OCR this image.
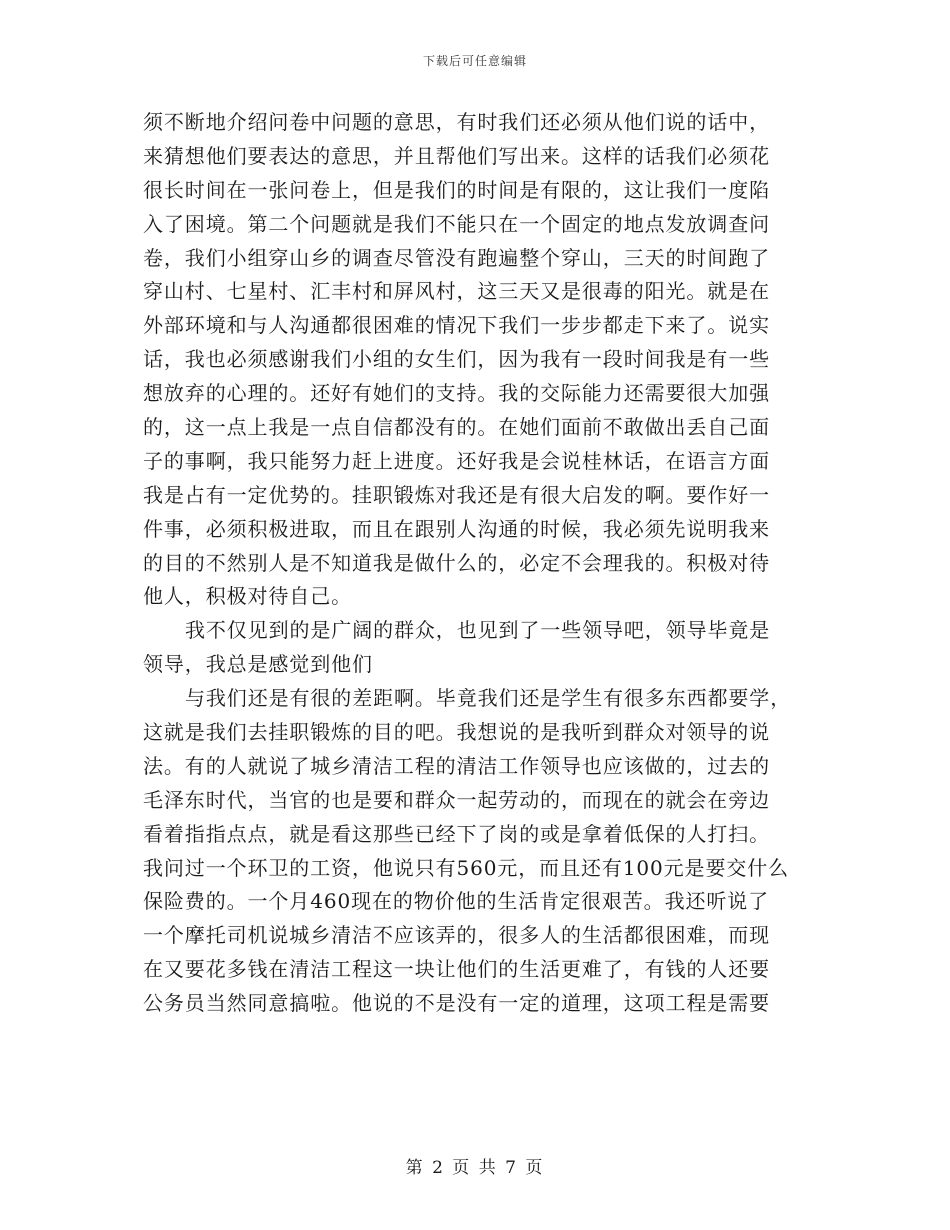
下载后可任意编辑
须不断地介绍问卷中问题的意思，有时我们还必须从他们说的话中，
来猜想他们要表达的意思，并且帮他们写出来。这样的话我们必须花
很长时间在一张问卷上，但是我们的时间是有限的，这让我们一度陷
入了困境。第二个问题就是我们不能只在一个固定的地点发放调查问
卷，我们小组穿山乡的调查尽管没有跑遍整个穿山，三天的时间跑了
穿山村、七星村、汇丰村和屏风村，这三天又是很毒的阳光。就是在
外部环境和与人沟通都很困难的情况下我们一步步都走下来了。说实
话，我也必须感谢我们小组的女生们，因为我有一段时间我是有一些
想放弃的心理的。还好有她们的支持。我的交际能力还需要很大加强
的，这一点上我是一点自信都没有的。在她们面前不敢做出丢自己面
子的事啊，我只能努力赶上进度。还好我是会说桂林话，在语言方面
我是占有一定优势的。挂职锻炼对我还是有很大启发的啊。要作好一
件事，必须积极进取，而且在跟别人沟通的时候，我必须先说明我来
的目的不然别人是不知道我是做什么的，必定不会理我的。积极对待
他人，积极对待自己。
我不仅见到的是广阔的群众，也见到了一些领导吧，领导毕竟是
领导，我总是感觉到他们
与我们还是有很的差距啊。毕竟我们还是学生有很多东西都要学，
这就是我们去挂职锻炼的目的吧。我想说的是我听到群众对领导的说
法。有的人就说了城乡清洁工程的清洁工作领导也应该做的，过去的
毛泽东时代，当官的也是要和群众一起劳动的，而现在的就会在旁边
看着指指点点，就是看这那些已经下了岗的或是拿着低保的人打扫。
我问过一个环卫的工资，他说只有560元，而且还有100元是要交什么
保险费的。一个月460现在的物价他的生活肯定很艰苦。我还听说了
一个摩托司机说城乡清洁不应该弄的，很多人的生活都很困难，而现
在又要花多钱在清洁工程这一块让他们的生活更难了，有钱的人还要
公务员当然同意搞啦。他说的不是没有一定的道理，这项工程是需要
第 2 页 共 7 页
